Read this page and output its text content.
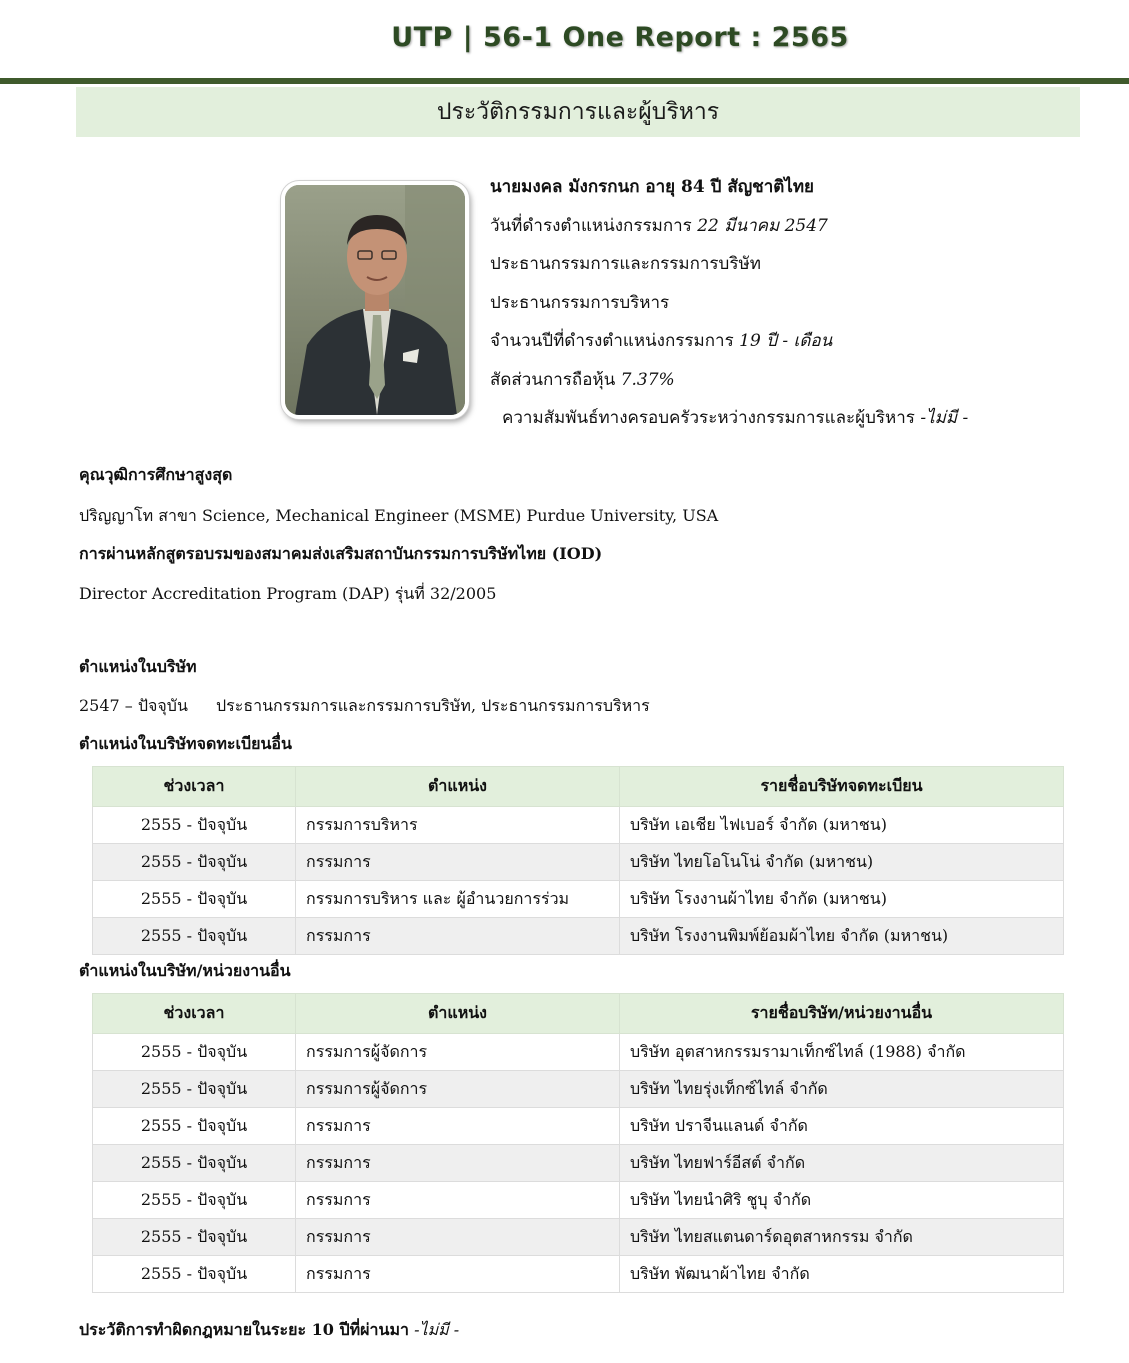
UTP | 56-1 One Report : 2565
ประวัติกรรมการและผู้บริหาร
นายมงคล มังกรกนก อายุ 84 ปี สัญชาติไทย
วันที่ดำรงตำแหน่งกรรมการ 22 มีนาคม 2547
ประธานกรรมการและกรรมการบริษัท
ประธานกรรมการบริหาร
จำนวนปีที่ดำรงตำแหน่งกรรมการ 19 ปี - เดือน
สัดส่วนการถือหุ้น 7.37%
ความสัมพันธ์ทางครอบครัวระหว่างกรรมการและผู้บริหาร -ไม่มี -
คุณวุฒิการศึกษาสูงสุด
ปริญญาโท สาขา Science, Mechanical Engineer (MSME) Purdue University, USA
การผ่านหลักสูตรอบรมของสมาคมส่งเสริมสถาบันกรรมการบริษัทไทย (IOD)
Director Accreditation Program (DAP) รุ่นที่ 32/2005
ตำแหน่งในบริษัท
2547 – ปัจจุบัน ประธานกรรมการและกรรมการบริษัท, ประธานกรรมการบริหาร
ตำแหน่งในบริษัทจดทะเบียนอื่น
ช่วงเวลา	ตำแหน่ง	รายชื่อบริษัทจดทะเบียน
2555 - ปัจจุบัน	กรรมการบริหาร	บริษัท เอเชีย ไฟเบอร์ จำกัด (มหาชน)
2555 - ปัจจุบัน	กรรมการ	บริษัท ไทยโอโนโน่ จำกัด (มหาชน)
2555 - ปัจจุบัน	กรรมการบริหาร และ ผู้อำนวยการร่วม	บริษัท โรงงานผ้าไทย จำกัด (มหาชน)
2555 - ปัจจุบัน	กรรมการ	บริษัท โรงงานพิมพ์ย้อมผ้าไทย จำกัด (มหาชน)
ตำแหน่งในบริษัท/หน่วยงานอื่น
ช่วงเวลา	ตำแหน่ง	รายชื่อบริษัท/หน่วยงานอื่น
2555 - ปัจจุบัน	กรรมการผู้จัดการ	บริษัท อุตสาหกรรมรามาเท็กซ์ไทล์ (1988) จำกัด
2555 - ปัจจุบัน	กรรมการผู้จัดการ	บริษัท ไทยรุ่งเท็กซ์ไทล์ จำกัด
2555 - ปัจจุบัน	กรรมการ	บริษัท ปราจีนแลนด์ จำกัด
2555 - ปัจจุบัน	กรรมการ	บริษัท ไทยฟาร์อีสต์ จำกัด
2555 - ปัจจุบัน	กรรมการ	บริษัท ไทยนำศิริ ชูบุ จำกัด
2555 - ปัจจุบัน	กรรมการ	บริษัท ไทยสแตนดาร์ดอุตสาหกรรม จำกัด
2555 - ปัจจุบัน	กรรมการ	บริษัท พัฒนาผ้าไทย จำกัด
ประวัติการทำผิดกฎหมายในระยะ 10 ปีที่ผ่านมา -ไม่มี -
